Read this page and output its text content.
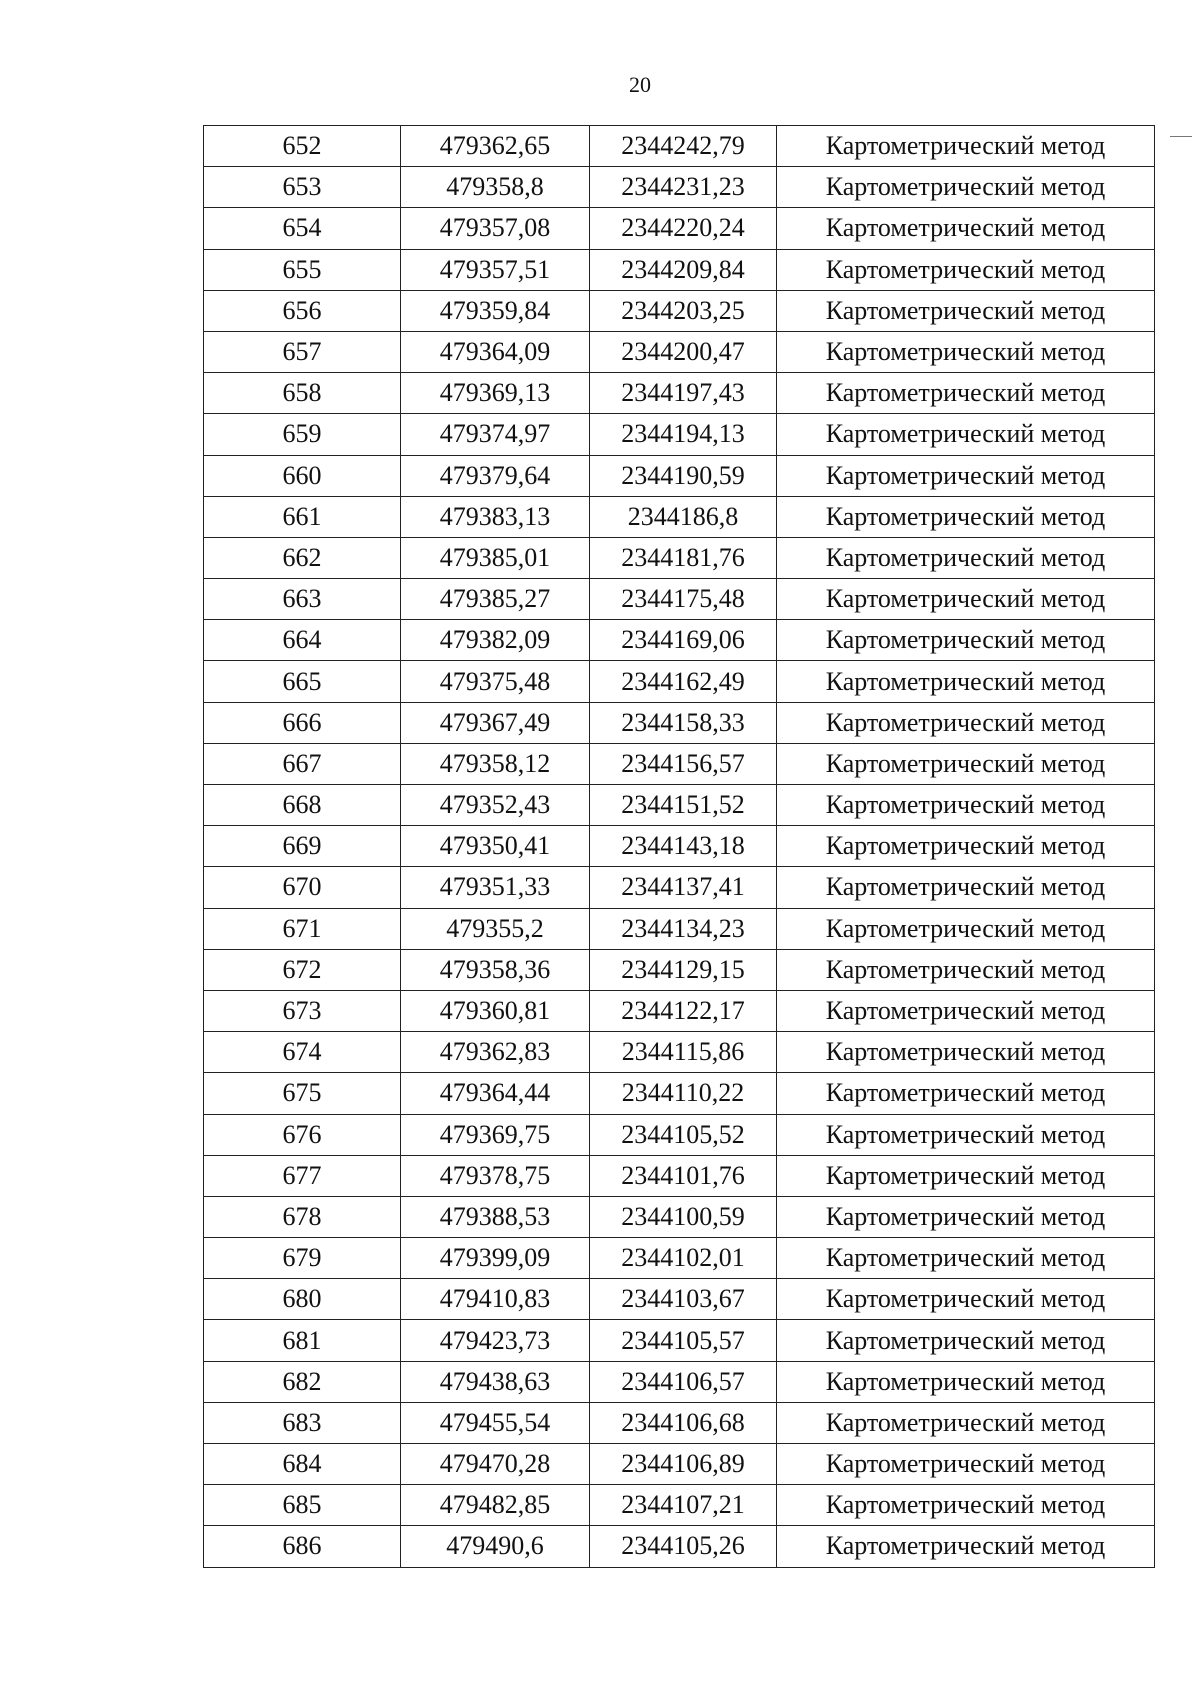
20
652	479362,65	2344242,79	Картометрический метод
653	479358,8	2344231,23	Картометрический метод
654	479357,08	2344220,24	Картометрический метод
655	479357,51	2344209,84	Картометрический метод
656	479359,84	2344203,25	Картометрический метод
657	479364,09	2344200,47	Картометрический метод
658	479369,13	2344197,43	Картометрический метод
659	479374,97	2344194,13	Картометрический метод
660	479379,64	2344190,59	Картометрический метод
661	479383,13	2344186,8	Картометрический метод
662	479385,01	2344181,76	Картометрический метод
663	479385,27	2344175,48	Картометрический метод
664	479382,09	2344169,06	Картометрический метод
665	479375,48	2344162,49	Картометрический метод
666	479367,49	2344158,33	Картометрический метод
667	479358,12	2344156,57	Картометрический метод
668	479352,43	2344151,52	Картометрический метод
669	479350,41	2344143,18	Картометрический метод
670	479351,33	2344137,41	Картометрический метод
671	479355,2	2344134,23	Картометрический метод
672	479358,36	2344129,15	Картометрический метод
673	479360,81	2344122,17	Картометрический метод
674	479362,83	2344115,86	Картометрический метод
675	479364,44	2344110,22	Картометрический метод
676	479369,75	2344105,52	Картометрический метод
677	479378,75	2344101,76	Картометрический метод
678	479388,53	2344100,59	Картометрический метод
679	479399,09	2344102,01	Картометрический метод
680	479410,83	2344103,67	Картометрический метод
681	479423,73	2344105,57	Картометрический метод
682	479438,63	2344106,57	Картометрический метод
683	479455,54	2344106,68	Картометрический метод
684	479470,28	2344106,89	Картометрический метод
685	479482,85	2344107,21	Картометрический метод
686	479490,6	2344105,26	Картометрический метод
